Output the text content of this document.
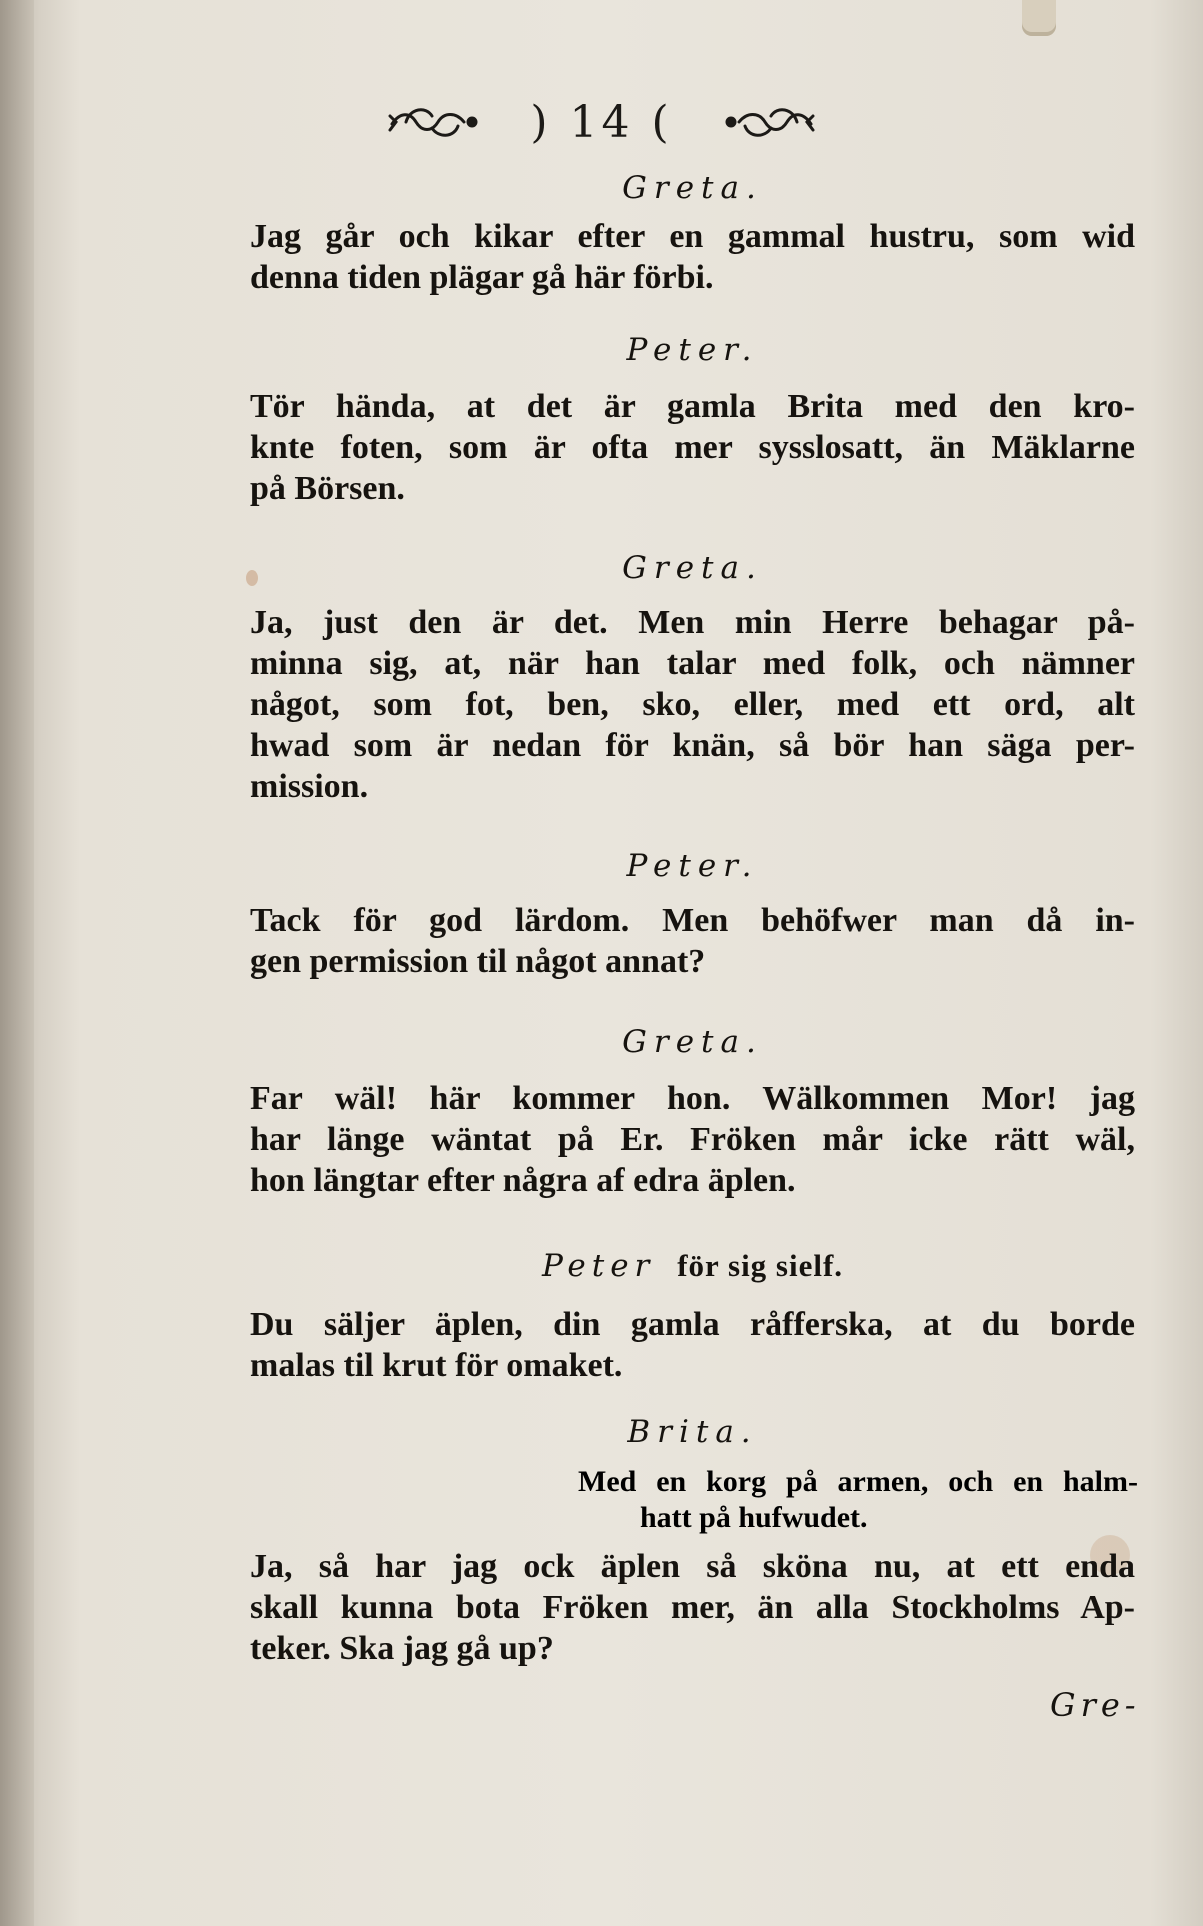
) 14 (
Greta.
Jag går och kikar efter en gammal hustru, som wid
denna tiden plägar gå här förbi.
Peter.
Tör hända, at det är gamla Brita med den kro-
knte foten, som är ofta mer sysslosatt, än Mäklarne
på Börsen.
Greta.
Ja, just den är det. Men min Herre behagar på-
minna sig, at, när han talar med folk, och nämner
något, som fot, ben, sko, eller, med ett ord, alt
hwad som är nedan för knän, så bör han säga per-
mission.
Peter.
Tack för god lärdom. Men behöfwer man då in-
gen permission til något annat?
Greta.
Far wäl! här kommer hon. Wälkommen Mor! jag
har länge wäntat på Er. Fröken mår icke rätt wäl,
hon längtar efter några af edra äplen.
Peter för sig sielf.
Du säljer äplen, din gamla råfferska, at du borde
malas til krut för omaket.
Brita.
Med en korg på armen, och en halm-
hatt på hufwudet.
Ja, så har jag ock äplen så sköna nu, at ett enda
skall kunna bota Fröken mer, än alla Stockholms Ap-
teker. Ska jag gå up?
Gre-
